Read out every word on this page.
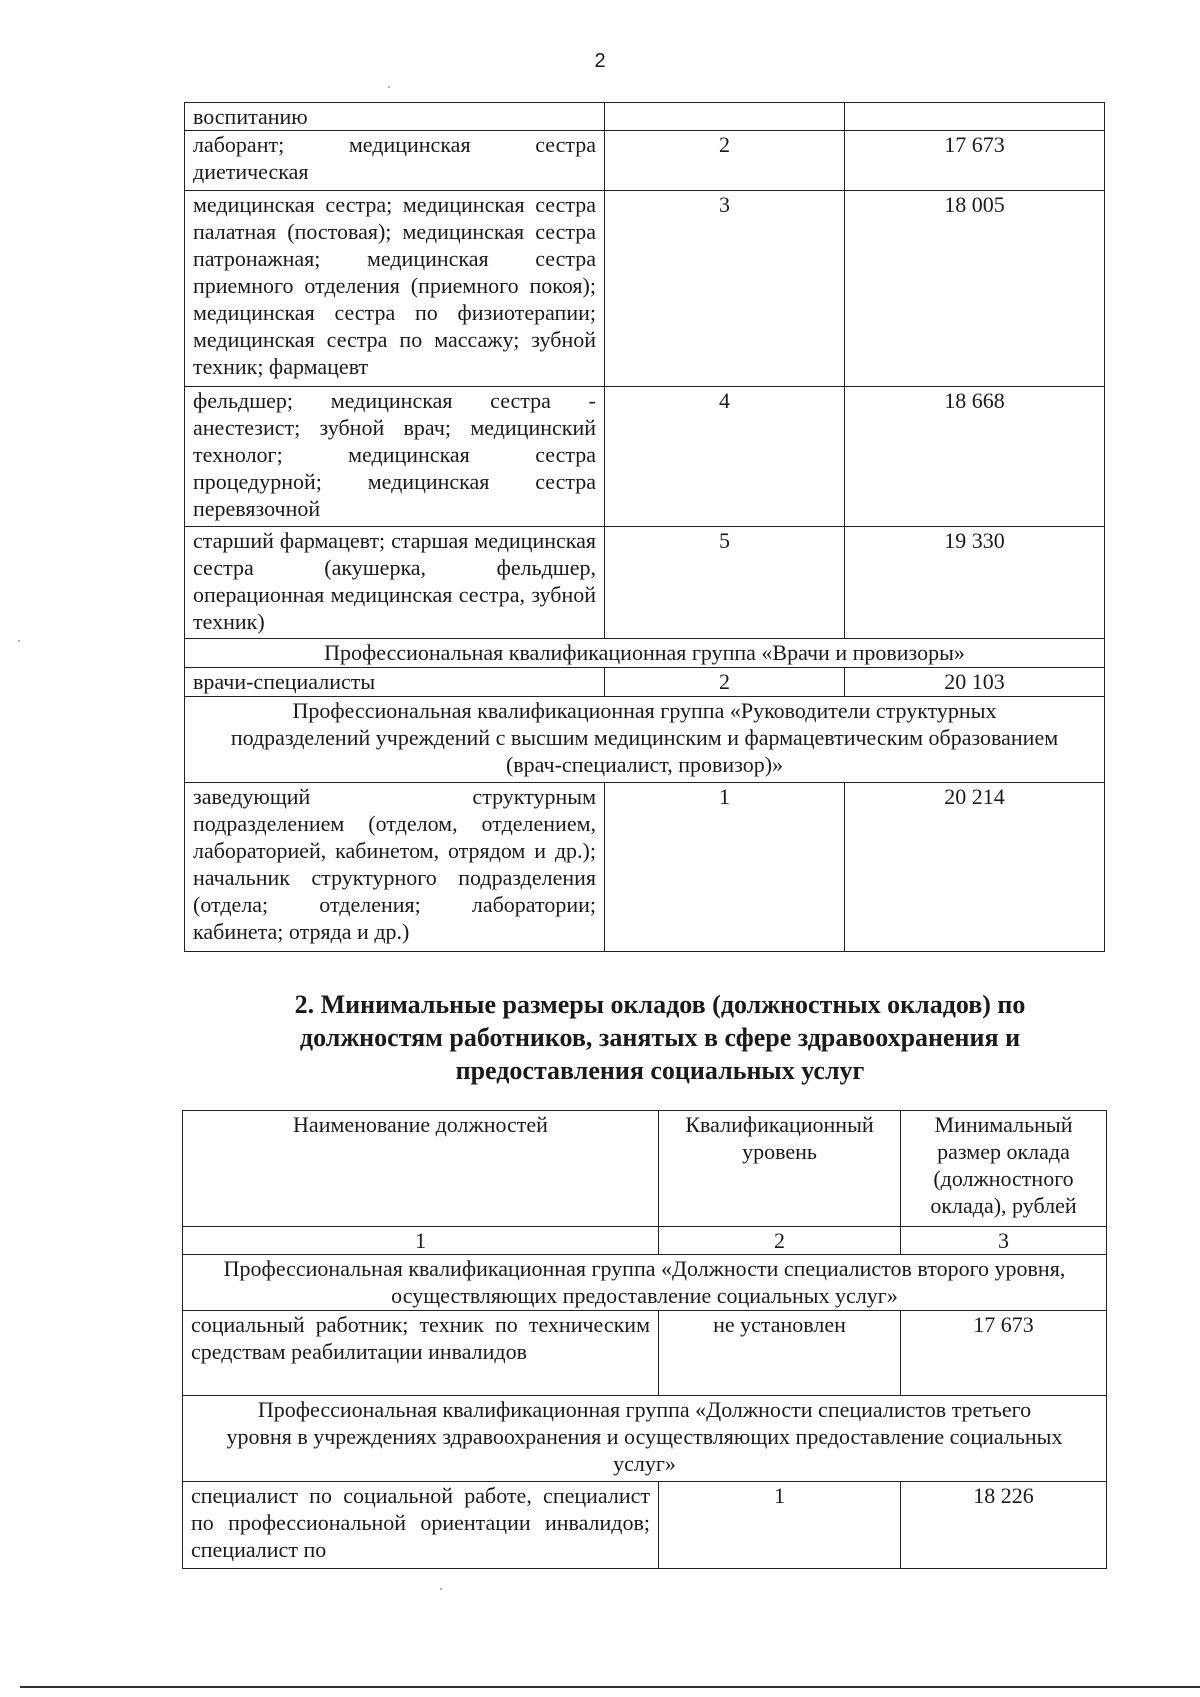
2
воспитанию		
лаборант; медицинская сестра диетическая	2	17 673
медицинская сестра; медицинская сестра палатная (постовая); медицинская сестра патронажная; медицинская сестра приемного отделения (приемного покоя); медицинская сестра по физиотерапии; медицинская сестра по массажу; зубной техник; фармацевт	3	18 005
фельдшер; медицинская сестра - анестезист; зубной врач; медицинский технолог; медицинская сестра процедурной; медицинская сестра перевязочной	4	18 668
старший фармацевт; старшая медицинская сестра (акушерка, фельдшер, операционная медицинская сестра, зубной техник)	5	19 330
Профессиональная квалификационная группа «Врачи и провизоры»		
врачи-специалисты	2	20 103
Профессиональная квалификационная группа «Руководители структурных подразделений учреждений с высшим медицинским и фармацевтическим образованием (врач-специалист, провизор)»		
заведующий структурным подразделением (отделом, отделением, лабораторией, кабинетом, отрядом и др.); начальник структурного подразделения (отдела; отделения; лаборатории; кабинета; отряда и др.)	1	20 214
2. Минимальные размеры окладов (должностных окладов) по должностям работников, занятых в сфере здравоохранения и предоставления социальных услуг
Наименование должностей	Квалификационный уровень	Минимальный размер оклада (должностного оклада), рублей
1	2	3
Профессиональная квалификационная группа «Должности специалистов второго уровня, осуществляющих предоставление социальных услуг»		
социальный работник; техник по техническим средствам реабилитации инвалидов	не установлен	17 673
Профессиональная квалификационная группа «Должности специалистов третьего уровня в учреждениях здравоохранения и осуществляющих предоставление социальных услуг»		
специалист по социальной работе, специалист по профессиональной ориентации инвалидов; специалист по	1	18 226
